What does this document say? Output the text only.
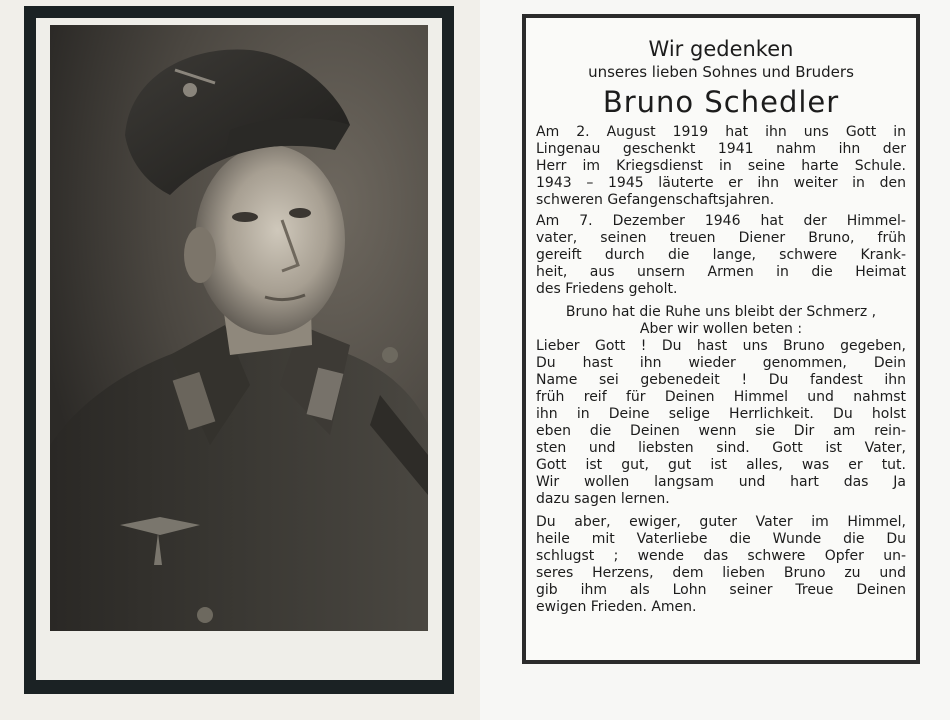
Wir gedenken

unseres lieben Sohnes und Bruders

Bruno Schedler

Am 2. August 1919 hat ihn uns Gott in
Lingenau geschenkt 1941 nahm ihn der
Herr im Kriegsdienst in seine harte Schule.
1943 – 1945 läuterte er ihn weiter in den
schweren Gefangenschaftsjahren.
Am 7. Dezember 1946 hat der Himmel-
vater, seinen treuen Diener Bruno, früh
gereift durch die lange, schwere Krank-
heit, aus unsern Armen in die Heimat
des Friedens geholt.
Bruno hat die Ruhe uns bleibt der Schmerz ,
Aber wir wollen beten :
Lieber Gott ! Du hast uns Bruno gegeben,
Du hast ihn wieder genommen, Dein
Name sei gebenedeit ! Du fandest ihn
früh reif für Deinen Himmel und nahmst
ihn in Deine selige Herrlichkeit. Du holst
eben die Deinen wenn sie Dir am rein-
sten und liebsten sind. Gott ist Vater,
Gott ist gut, gut ist alles, was er tut.
Wir wollen langsam und hart das Ja
dazu sagen lernen.
Du aber, ewiger, guter Vater im Himmel,
heile mit Vaterliebe die Wunde die Du
schlugst ; wende das schwere Opfer un-
seres Herzens, dem lieben Bruno zu und
gib ihm als Lohn seiner Treue Deinen
ewigen Frieden. Amen.
